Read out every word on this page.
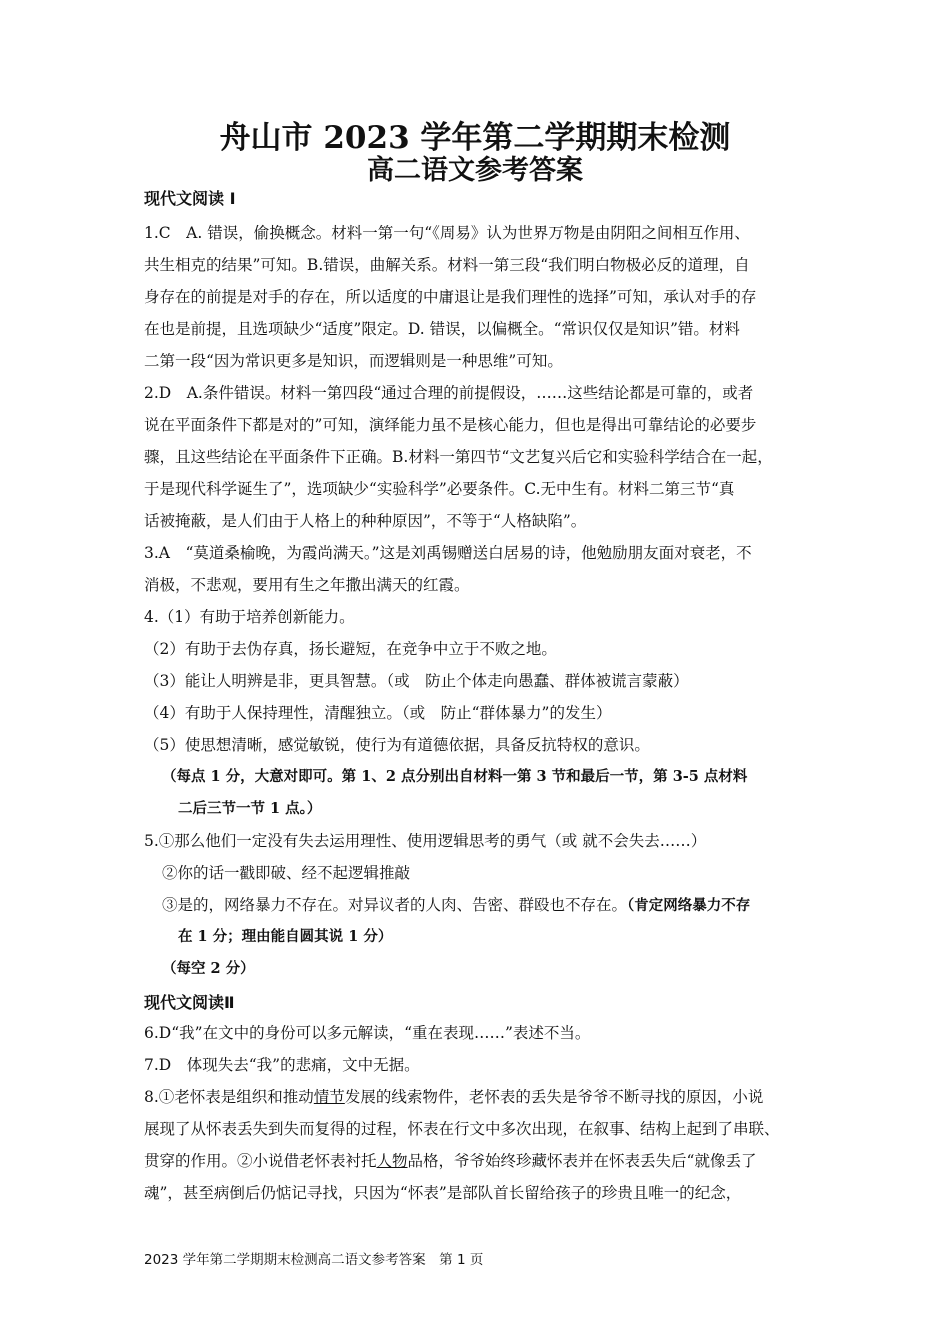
舟山市 2023 学年第二学期期末检测
高二语文参考答案
现代文阅读 I
1.C　A. 错误，偷换概念。材料一第一句“《周易》认为世界万物是由阴阳之间相互作用、
共生相克的结果”可知。B.错误，曲解关系。材料一第三段“我们明白物极必反的道理，自
身存在的前提是对手的存在，所以适度的中庸退让是我们理性的选择”可知，承认对手的存
在也是前提，且选项缺少“适度”限定。D. 错误，以偏概全。“常识仅仅是知识”错。材料
二第一段“因为常识更多是知识，而逻辑则是一种思维”可知。
2.D　A.条件错误。材料一第四段“通过合理的前提假设，……这些结论都是可靠的，或者
说在平面条件下都是对的”可知，演绎能力虽不是核心能力，但也是得出可靠结论的必要步
骤，且这些结论在平面条件下正确。B.材料一第四节“文艺复兴后它和实验科学结合在一起，
于是现代科学诞生了”，选项缺少“实验科学”必要条件。C.无中生有。材料二第三节“真
话被掩蔽，是人们由于人格上的种种原因”，不等于“人格缺陷”。
3.A　“莫道桑榆晚，为霞尚满天。”这是刘禹锡赠送白居易的诗，他勉励朋友面对衰老，不
消极，不悲观，要用有生之年撒出满天的红霞。
4.（1）有助于培养创新能力。
（2）有助于去伪存真，扬长避短，在竞争中立于不败之地。
（3）能让人明辨是非，更具智慧。（或　防止个体走向愚蠢、群体被谎言蒙蔽）
（4）有助于人保持理性，清醒独立。（或　防止“群体暴力”的发生）
（5）使思想清晰，感觉敏锐，使行为有道德依据，具备反抗特权的意识。
（每点 1 分，大意对即可。第 1、2 点分别出自材料一第 3 节和最后一节，第 3-5 点材料
二后三节一节 1 点。）
5.①那么他们一定没有失去运用理性、使用逻辑思考的勇气（或 就不会失去……）
②你的话一戳即破、经不起逻辑推敲
③是的，网络暴力不存在。对异议者的人肉、告密、群殴也不存在。（肯定网络暴力不存
在 1 分；理由能自圆其说 1 分）
（每空 2 分）
现代文阅读Ⅱ
6.D“我”在文中的身份可以多元解读，“重在表现……”表述不当。
7.D　体现失去“我”的悲痛，文中无据。
8.①老怀表是组织和推动情节发展的线索物件，老怀表的丢失是爷爷不断寻找的原因，小说
展现了从怀表丢失到失而复得的过程，怀表在行文中多次出现，在叙事、结构上起到了串联、
贯穿的作用。②小说借老怀表衬托人物品格，爷爷始终珍藏怀表并在怀表丢失后“就像丢了
魂”，甚至病倒后仍惦记寻找，只因为“怀表”是部队首长留给孩子的珍贵且唯一的纪念，
2023 学年第二学期期末检测高二语文参考答案　第 1 页
